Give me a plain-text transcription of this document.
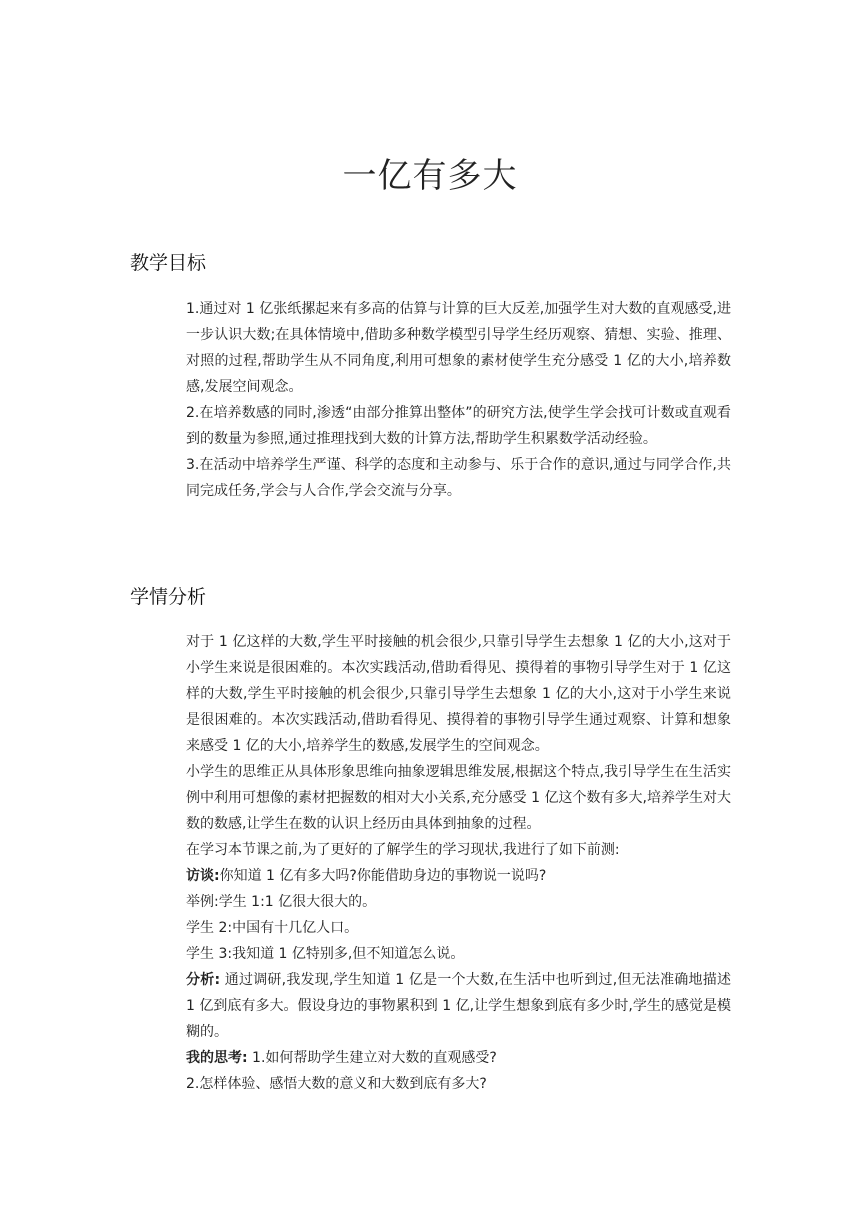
一亿有多大
教学目标

1.通过对 1 亿张纸摞起来有多高的估算与计算的巨大反差,加强学生对大数的直观感受,进一步认识大数;在具体情境中,借助多种数学模型引导学生经历观察、猜想、实验、推理、对照的过程,帮助学生从不同角度,利用可想象的素材使学生充分感受 1 亿的大小,培养数感,发展空间观念。

2.在培养数感的同时,渗透“由部分推算出整体”的研究方法,使学生学会找可计数或直观看到的数量为参照,通过推理找到大数的计算方法,帮助学生积累数学活动经验。

3.在活动中培养学生严谨、科学的态度和主动参与、乐于合作的意识,通过与同学合作,共同完成任务,学会与人合作,学会交流与分享。

学情分析

对于 1 亿这样的大数,学生平时接触的机会很少,只靠引导学生去想象 1 亿的大小,这对于小学生来说是很困难的。本次实践活动,借助看得见、摸得着的事物引导学生对于 1 亿这样的大数,学生平时接触的机会很少,只靠引导学生去想象 1 亿的大小,这对于小学生来说是很困难的。本次实践活动,借助看得见、摸得着的事物引导学生通过观察、计算和想象来感受 1 亿的大小,培养学生的数感,发展学生的空间观念。

小学生的思维正从具体形象思维向抽象逻辑思维发展,根据这个特点,我引导学生在生活实例中利用可想像的素材把握数的相对大小关系,充分感受 1 亿这个数有多大,培养学生对大数的数感,让学生在数的认识上经历由具体到抽象的过程。

在学习本节课之前,为了更好的了解学生的学习现状,我进行了如下前测:

访谈:你知道 1 亿有多大吗?你能借助身边的事物说一说吗?

举例:学生 1:1 亿很大很大的。

学生 2:中国有十几亿人口。

学生 3:我知道 1 亿特别多,但不知道怎么说。

分析: 通过调研,我发现,学生知道 1 亿是一个大数,在生活中也听到过,但无法准确地描述 1 亿到底有多大。假设身边的事物累积到 1 亿,让学生想象到底有多少时,学生的感觉是模糊的。

我的思考: 1.如何帮助学生建立对大数的直观感受?

2.怎样体验、感悟大数的意义和大数到底有多大?
